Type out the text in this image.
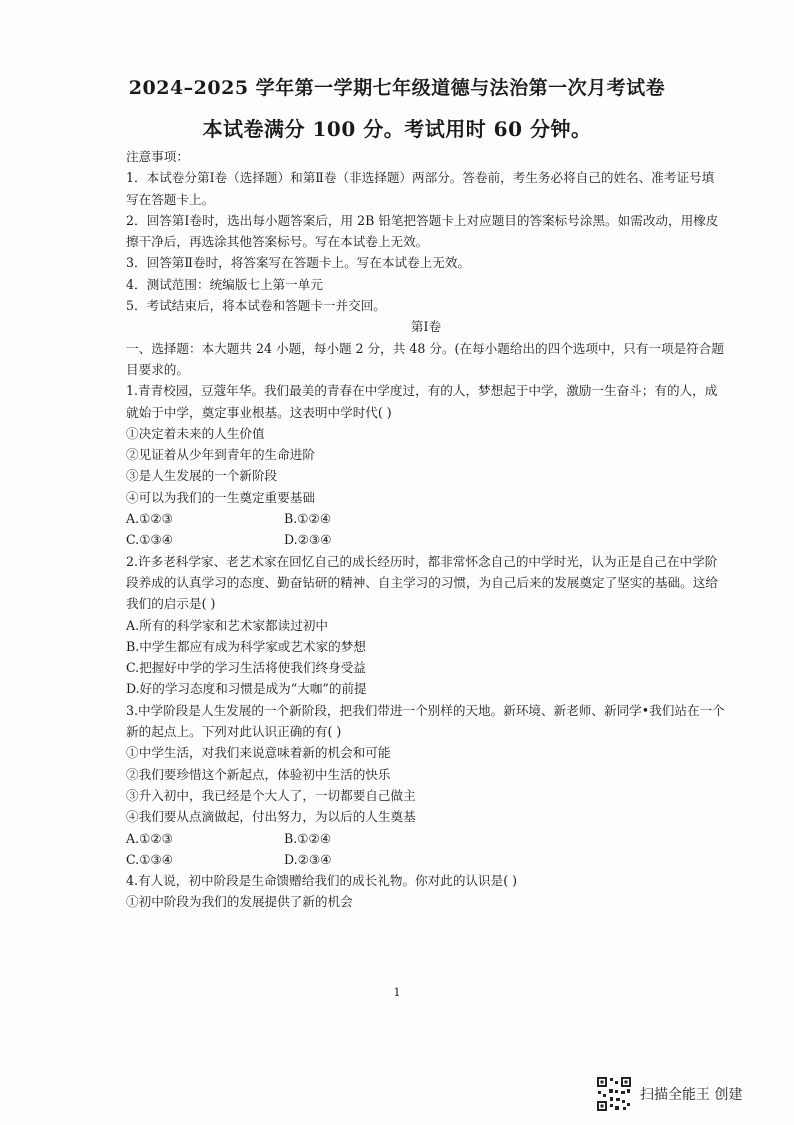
2024–2025 学年第一学期七年级道德与法治第一次月考试卷
本试卷满分 100 分。考试用时 60 分钟。
注意事项：
1．本试卷分第Ⅰ卷（选择题）和第Ⅱ卷（非选择题）两部分。答卷前，考生务必将自己的姓名、准考证号填写在答题卡上。
2．回答第Ⅰ卷时，选出每小题答案后，用 2B 铅笔把答题卡上对应题目的答案标号涂黑。如需改动，用橡皮擦干净后，再选涂其他答案标号。写在本试卷上无效。
3．回答第Ⅱ卷时，将答案写在答题卡上。写在本试卷上无效。
4．测试范围：统编版七上第一单元
5．考试结束后，将本试卷和答题卡一并交回。
第Ⅰ卷
一、选择题：本大题共 24 小题，每小题 2 分，共 48 分。(在每小题给出的四个选项中，只有一项是符合题目要求的。
1.青青校园，豆蔻年华。我们最美的青春在中学度过，有的人，梦想起于中学，激励一生奋斗；有的人，成就始于中学，奠定事业根基。这表明中学时代( )
①决定着未来的人生价值
②见证着从少年到青年的生命进阶
③是人生发展的一个新阶段
④可以为我们的一生奠定重要基础
A.①②③	B.①②④
C.①③④	D.②③④
2.许多老科学家、老艺术家在回忆自己的成长经历时，都非常怀念自己的中学时光，认为正是自己在中学阶段养成的认真学习的态度、勤奋钻研的精神、自主学习的习惯，为自己后来的发展奠定了坚实的基础。这给我们的启示是( )
A.所有的科学家和艺术家都读过初中
B.中学生都应有成为科学家或艺术家的梦想
C.把握好中学的学习生活将使我们终身受益
D.好的学习态度和习惯是成为“大咖”的前提
3.中学阶段是人生发展的一个新阶段，把我们带进一个别样的天地。新环境、新老师、新同学•我们站在一个新的起点上。下列对此认识正确的有( )
①中学生活，对我们来说意味着新的机会和可能
②我们要珍惜这个新起点，体验初中生活的快乐
③升入初中，我已经是个大人了，一切都要自己做主
④我们要从点滴做起，付出努力，为以后的人生奠基
A.①②③	B.①②④
C.①③④	D.②③④
4.有人说，初中阶段是生命馈赠给我们的成长礼物。你对此的认识是( )
①初中阶段为我们的发展提供了新的机会
1
扫描全能王 创建
